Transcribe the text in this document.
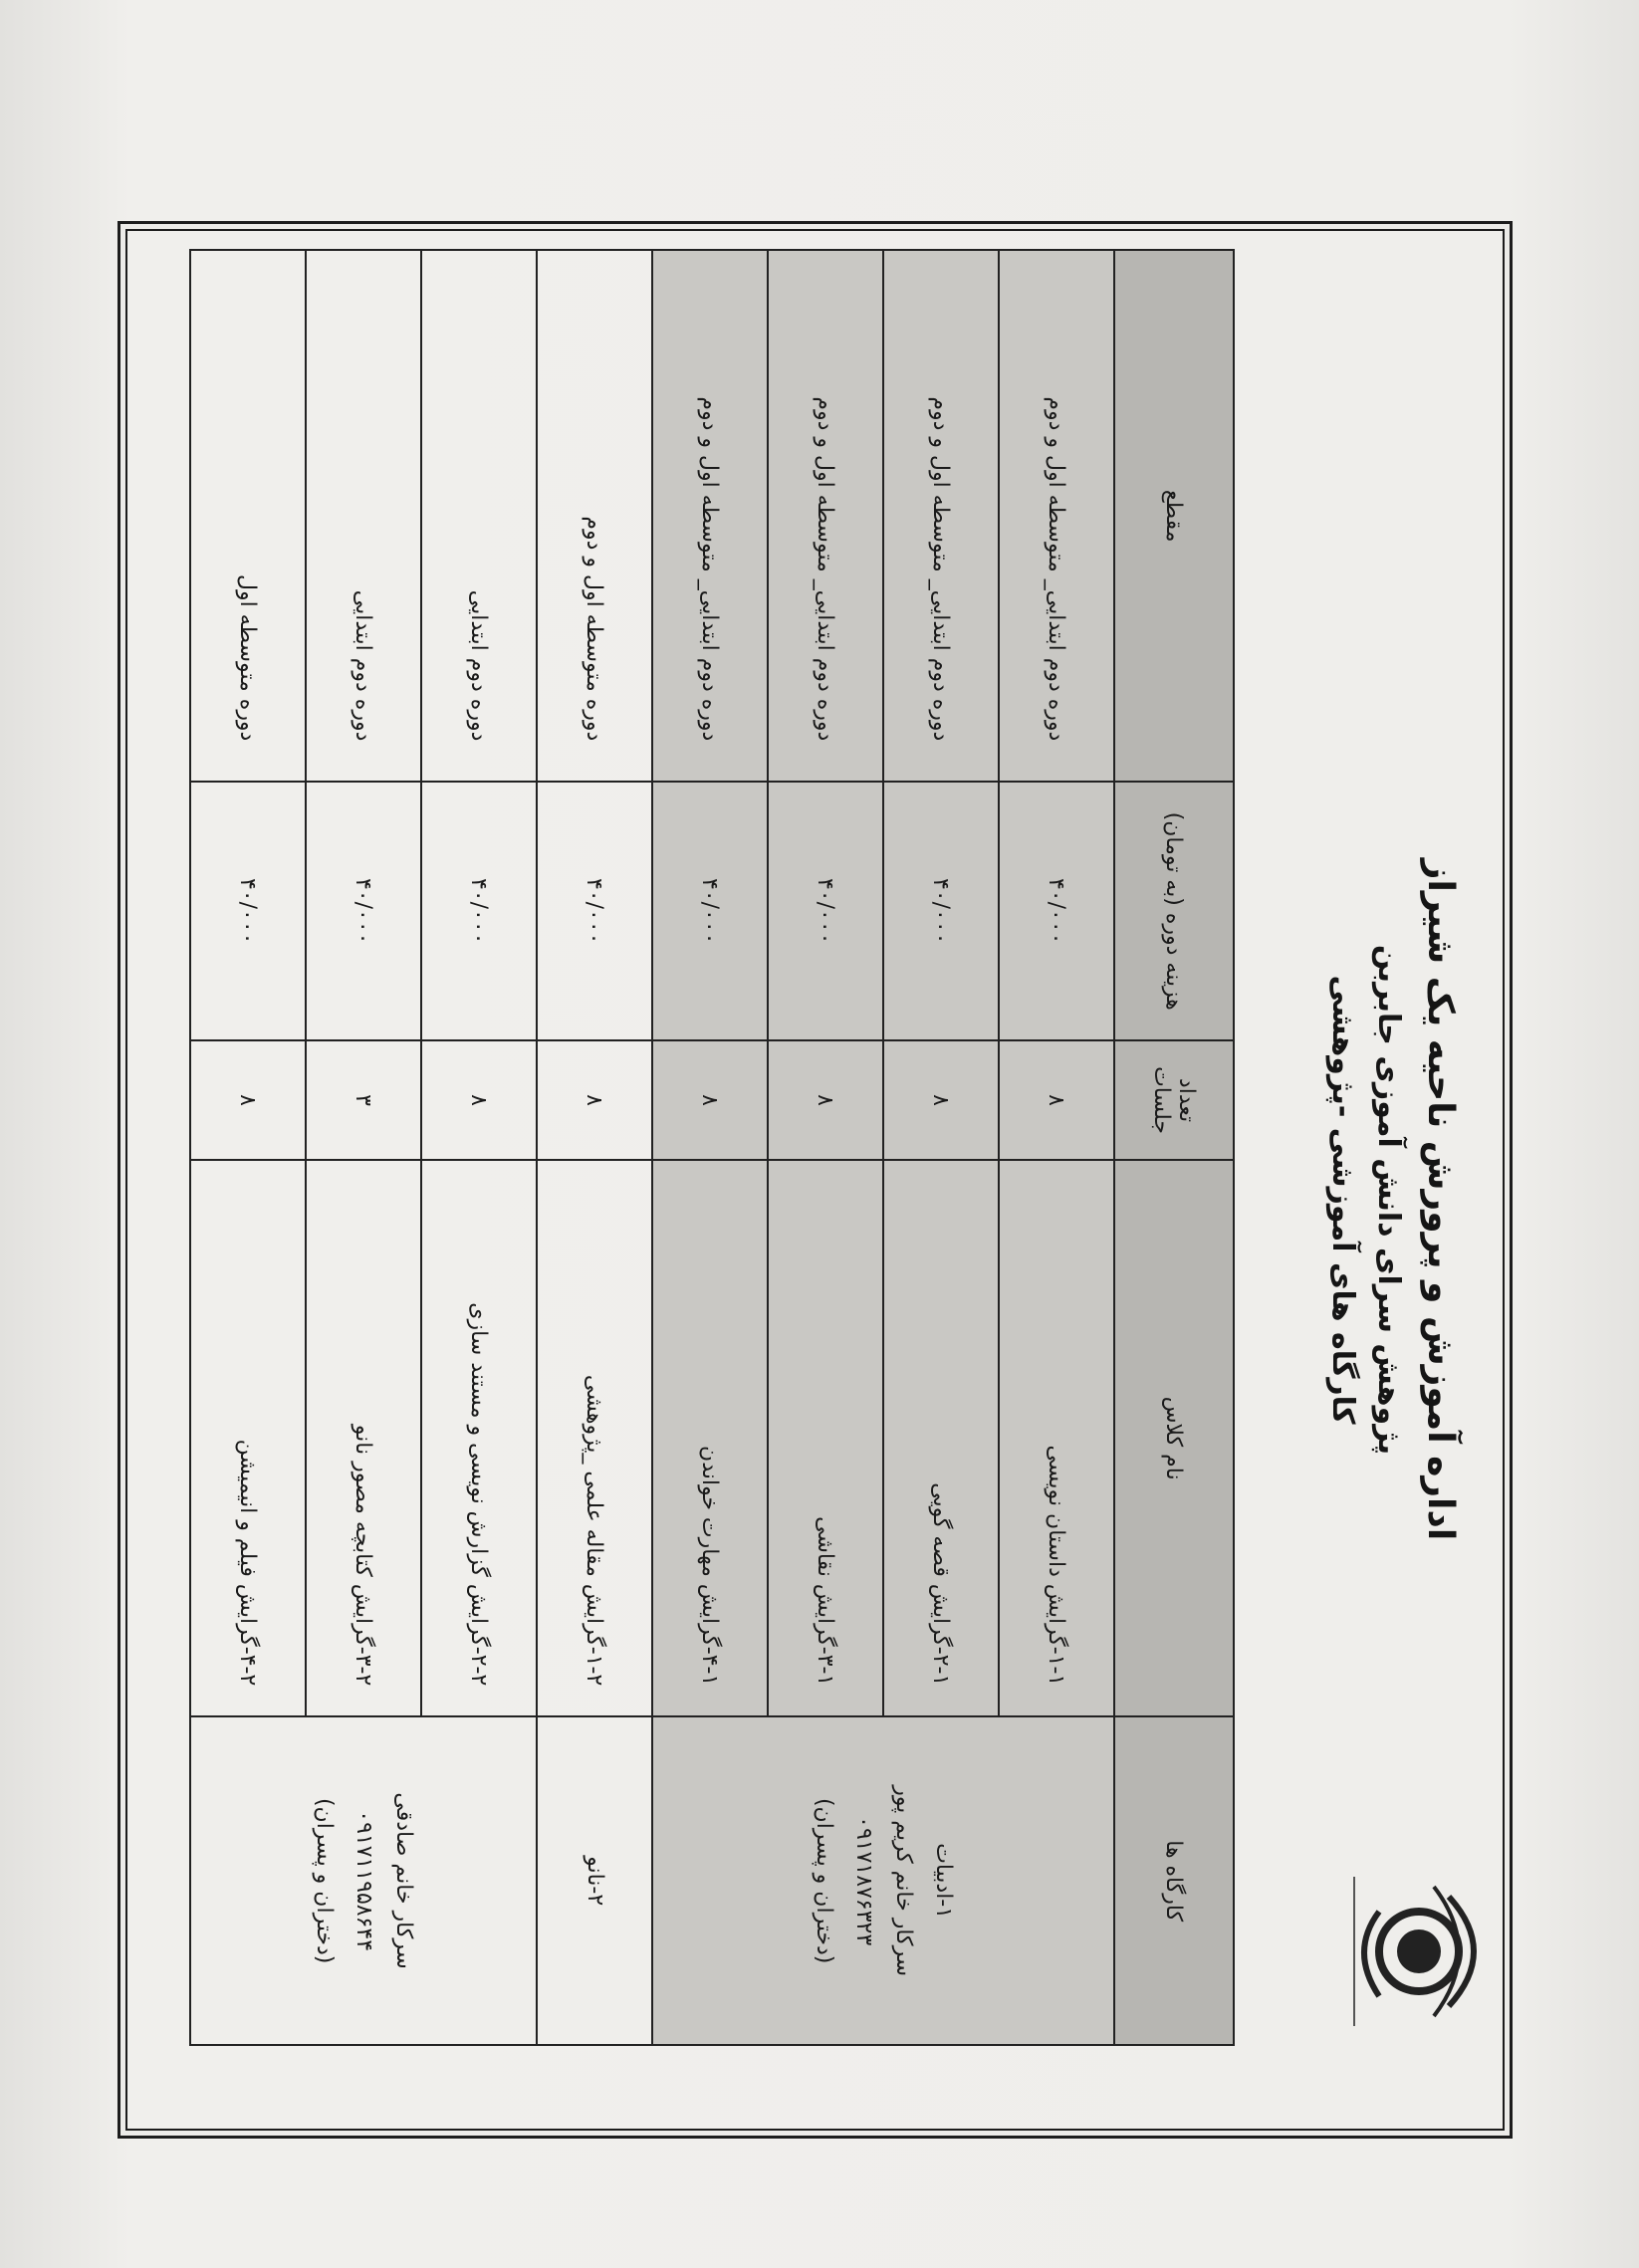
اداره آموزش و پرورش ناحیه یک شیراز
پژوهش سرای دانش آموزی جابربن
کارگاه های آموزشی -پژوهشی
کارگاه ها	نام کلاس	تعداد جلسات	هزینه دوره (به تومان)	مقطع

۱-ادبیات
سرکار خانم کریم پور
۰۹۱۷۱۸۷۶۳۲۳
(دختران و پسران)	۱-۱-گرایش داستان نویسی	۸	۴۰/۰۰۰	دوره دوم ابتدایی_ متوسطه اول و دوم
	۲-۱-گرایش قصه گویی	۸	۴۰/۰۰۰	دوره دوم ابتدایی_ متوسطه اول و دوم
	۳-۱-گرایش نقاشی	۸	۴۰/۰۰۰	دوره دوم ابتدایی_ متوسطه اول و دوم
	۴-۱-گرایش مهارت خواندن	۸	۴۰/۰۰۰	دوره دوم ابتدایی_ متوسطه اول و دوم

۲-نانو	۱-۲-گرایش مقاله علمی _پژوهشی	۸	۴۰/۰۰۰	دوره متوسطه اول و دوم

سرکار خانم صادقی
۰۹۱۷۱۱۹۵۸۶۴۴
(دختران و پسران)	۲-۲-گرایش گزارش نویسی و مستند سازی	۸	۴۰/۰۰۰	دوره دوم ابتدایی
	۳-۲-گرایش کتابچه مصور نانو	۳	۴۰/۰۰۰	دوره دوم ابتدایی
	۴-۲-گرایش فیلم و انیمیشن	۸	۴۰/۰۰۰	دوره متوسطه اول
